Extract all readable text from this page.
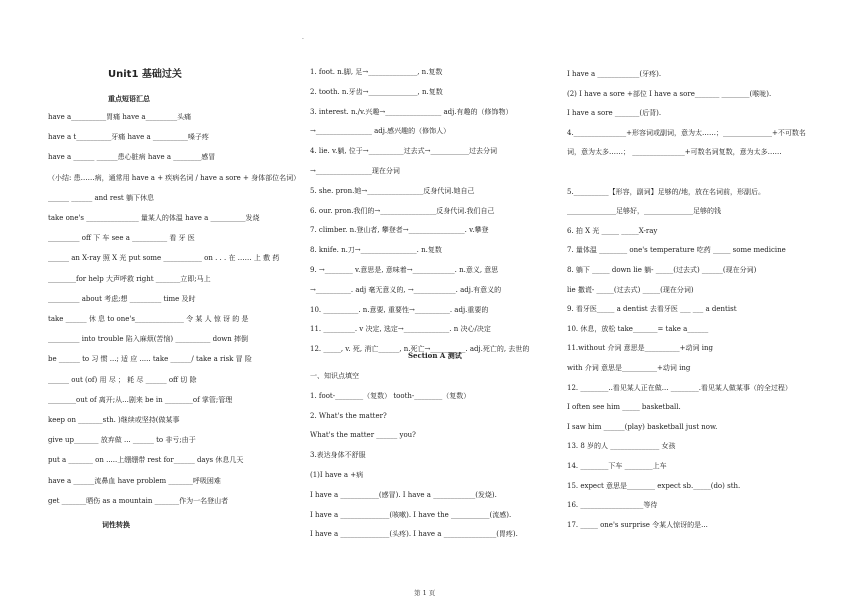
·
Unit1 基础过关
重点短语汇总
have a__________胃痛 have a_________头痛
have a t__________牙痛 have a __________嗓子疼
have a ______ ______患心脏病 have a ________感冒
（小结: 患……病，通常用 have a + 疾病名词 / have a sore + 身体部位名词）
______ ______ and rest 躺下休息
take one's _______________ 量某人的体温 have a __________发烧
_________ off 下 车 see a __________ 看 牙 医
______ an X-ray 照 X 光 put some ___________ on . . . 在 …… 上 敷 药
________for help 大声呼救 right _______立即;马上
_________ about 考虑;想 _________ time 及时
take ______ 休 息 to one's______________ 令 某 人 惊 讶 的 是
_________ into trouble 陷入麻烦(苦恼) __________ down 摔倒
be ______ to 习 惯 ...; 适 应 ..... take ______/ take a risk 冒 险
______ out (of) 用 尽 ； 耗 尽 ______ off 切 除
________out of 离开;从...剧来 be in ________of 掌管;管理
keep on _______sth. )继续或坚持(做某事
give up_______ 放弃做 ... ______ to 非亏;由于
put a _______ on .....上绷绷带 rest for______ days 休息几天
have a ______流鼻血 have problem _______呼吸困难
get _______晒伤 as a mountain _______作为一名登山者
词性转换
1. foot. n.脚, 足→______________, n.复数
2. tooth. n.牙齿→______________, n.复数
3. interest. n./v.兴趣→________________ adj.有趣的（修饰物）
→________________ adj.感兴趣的（修饰人）
4. lie. v.躺, 位于→__________过去式→___________过去分词
→________________现在分词
5. she. pron.她→________________反身代词.她自己
6. our. pron.我们的→________________反身代词.我们自己
7. climber. n.登山者, 攀登者→________________. v.攀登
8. knife. n.刀→________________. n.复数
9. →________ v.意思是, 意味着→____________. n.意义, 意思
→__________. adj 毫无意义的, →____________. adj.有意义的
10. __________. n.意要, 重要性→__________. adj.重要的
11. _________. v 决定, 选定→_____________. n 决心/决定
12. _____, v. 死, 消亡______, n.死亡→__________. adj.死亡的, 去世的
Section A 测试
一、知识点填空
1. foot-________（复数） tooth-________（复数）
2. What's the matter?
What's the matter ______ you?
3.表达身体不舒服
(1)I have a +病
I have a ___________(感冒). I have a ____________(发烧).
I have a ______________(咳嗽). I have the ___________(流感).
I have a ______________(头疼). I have a _______________(胃疼).
I have a ____________(牙疼).
(2) I have a sore +部位 I have a sore_______ ________(喉咙).
I have a sore _______(后背).
4._______________+形容词或副词，意为太……；______________+不可数名
词，意为太多……； _______________+可数名词复数，意为太多……
5.__________【形容，副词】足够的/地，放在名词前，形副后。
______________足够好，______________足够的钱
6. 拍 X 光 _____ _____X-ray
7. 量体温 ________ one's temperature 吃药 _____ some medicine
8. 躺下 _____ down lie 躺- _____(过去式) ______(现在分词)
lie 撒谎- _____(过去式) _____(现在分词)
9. 看牙医_____ a dentist 去看牙医 ___ ___ a dentist
10. 休息，放松 take_______= take a______
11.without 介词 意思是__________+动词 ing
with 介词 意思是__________+动词 ing
12. ________..看见某人正在做... ________.看见某人做某事（的全过程）
I often see him _____ basketball.
I saw him ______(play) basketball just now.
13. 8 岁的人 ______________ 女孩
14. ________下车 ________上车
15. expect 意思是________ expect sb._____(do) sth.
16. __________________等待
17. _____ one's surprise 令某人惊讶的是...
第 1 页
